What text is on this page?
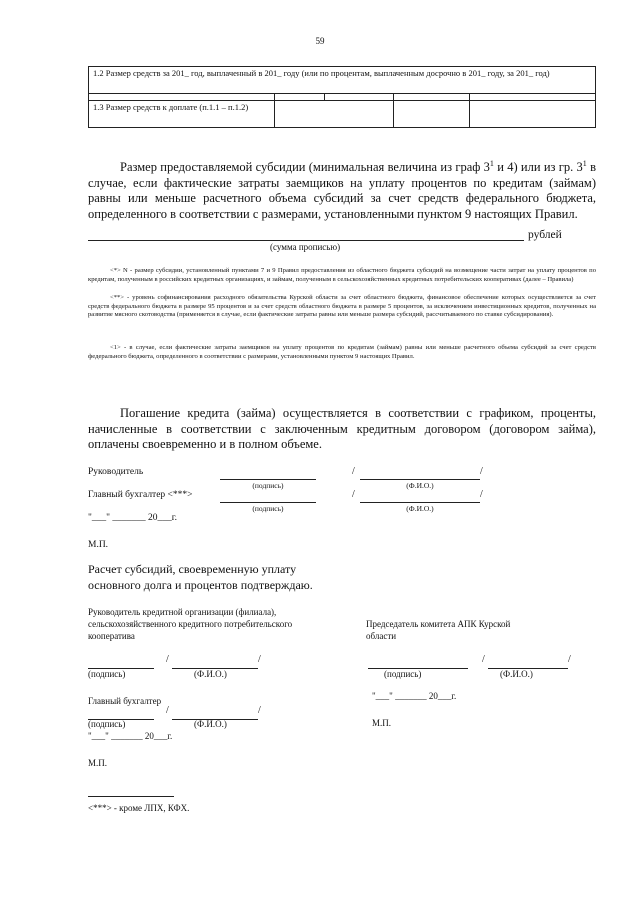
59
1.2 Размер средств за 201_ год, выплаченный в 201_ году (или по процентам, выплаченным досрочно в 201_ году, за 201_ год)				

1.3 Размер средств к доплате (п.1.1 – п.1.2)				
Размер предоставляемой субсидии (минимальная величина из граф $3^1$ и 4) или из гр. $3^1$ в случае, если фактические затраты заемщиков на уплату процентов по кредитам (займам) равны или меньше расчетного объема субсидий за счет средств федерального бюджета, определенного в соответствии с размерами, установленными пунктом 9 настоящих Правил.
рублей
(сумма прописью)
<*> N - размер субсидии, установленный пунктами 7 и 9 Правил предоставления из областного бюджета субсидий на возмещение части затрат на уплату процентов по кредитам, полученным в российских кредитных организациях, и займам, полученным в сельскохозяйственных кредитных потребительских кооперативах (далее – Правила)
<**> - уровень софинансирования расходного обязательства Курской области за счет областного бюджета, финансовое обеспечение которых осуществляется за счет средств федерального бюджета в размере 95 процентов и за счет средств областного бюджета в размере 5 процентов, за исключением инвестиционных кредитов, полученных на развитие мясного скотоводства (применяется в случае, если фактические затраты равны или меньше размера субсидий, рассчитываемого по ставке субсидирования).
<1> - в случае, если фактические затраты заемщиков на уплату процентов по кредитам (займам) равны или меньше расчетного объема субсидий за счет средств федерального бюджета, определенного в соответствии с размерами, установленными пунктом 9 настоящих Правил.
Погашение кредита (займа) осуществляется в соответствии с графиком, проценты, начисленные в соответствии с заключенным кредитным договором (договором займа), оплачены своевременно и в полном объеме.
Руководитель	/	/
(подпись)	(Ф.И.О.)
Главный бухгалтер <***>	/	/
(подпись)	(Ф.И.О.)
"___" _______ 20___г.
М.П.
Расчет субсидий, своевременную уплату основного долга и процентов подтверждаю.
Руководитель кредитной организации (филиала), сельскохозяйственного кредитного потребительского кооператива
/	/
(подпись)	(Ф.И.О.)
Главный бухгалтер
/	/
(подпись)	(Ф.И.О.)
"___" _______ 20___г.
М.П.
Председатель комитета АПК Курской области
/	/
(подпись)	(Ф.И.О.)
"___" _______ 20___г.
М.П.
<***> - кроме ЛПХ, КФХ.
